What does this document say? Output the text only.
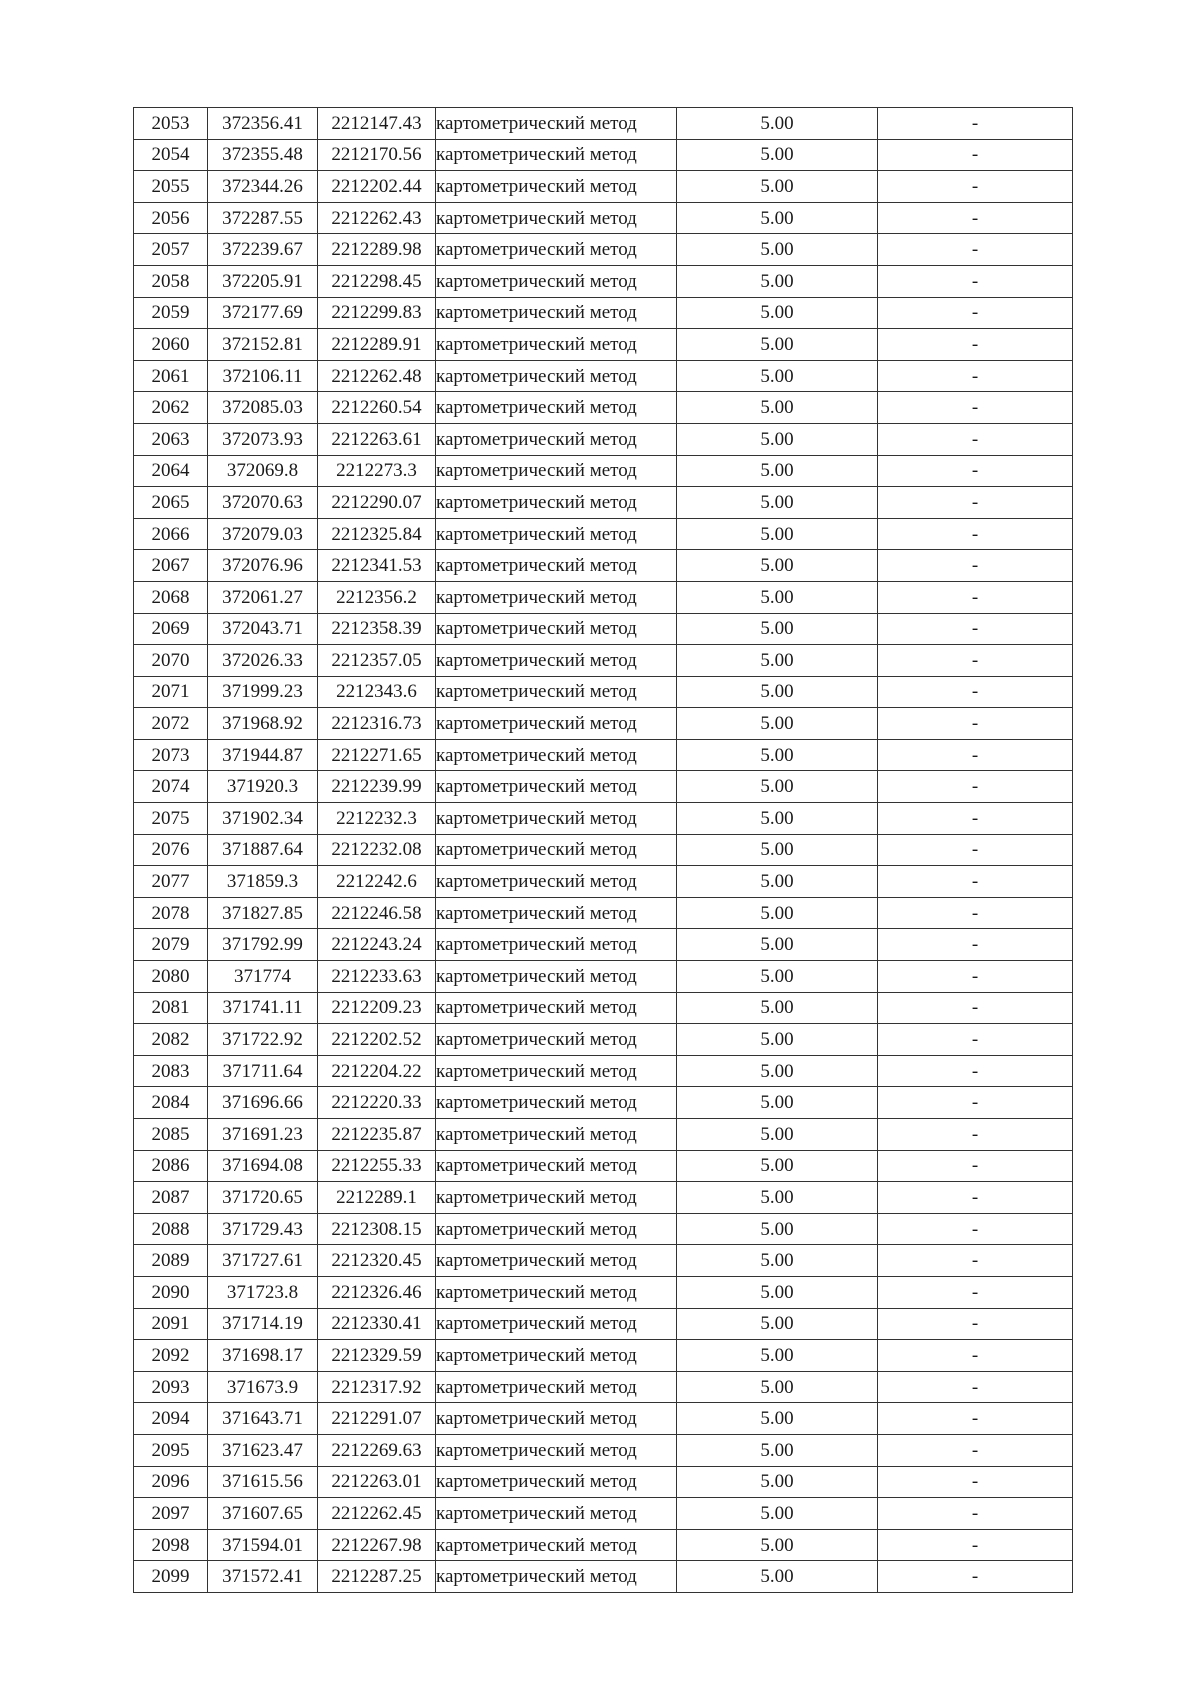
2053	372356.41	2212147.43	картометрический метод	5.00	-
2054	372355.48	2212170.56	картометрический метод	5.00	-
2055	372344.26	2212202.44	картометрический метод	5.00	-
2056	372287.55	2212262.43	картометрический метод	5.00	-
2057	372239.67	2212289.98	картометрический метод	5.00	-
2058	372205.91	2212298.45	картометрический метод	5.00	-
2059	372177.69	2212299.83	картометрический метод	5.00	-
2060	372152.81	2212289.91	картометрический метод	5.00	-
2061	372106.11	2212262.48	картометрический метод	5.00	-
2062	372085.03	2212260.54	картометрический метод	5.00	-
2063	372073.93	2212263.61	картометрический метод	5.00	-
2064	372069.8	2212273.3	картометрический метод	5.00	-
2065	372070.63	2212290.07	картометрический метод	5.00	-
2066	372079.03	2212325.84	картометрический метод	5.00	-
2067	372076.96	2212341.53	картометрический метод	5.00	-
2068	372061.27	2212356.2	картометрический метод	5.00	-
2069	372043.71	2212358.39	картометрический метод	5.00	-
2070	372026.33	2212357.05	картометрический метод	5.00	-
2071	371999.23	2212343.6	картометрический метод	5.00	-
2072	371968.92	2212316.73	картометрический метод	5.00	-
2073	371944.87	2212271.65	картометрический метод	5.00	-
2074	371920.3	2212239.99	картометрический метод	5.00	-
2075	371902.34	2212232.3	картометрический метод	5.00	-
2076	371887.64	2212232.08	картометрический метод	5.00	-
2077	371859.3	2212242.6	картометрический метод	5.00	-
2078	371827.85	2212246.58	картометрический метод	5.00	-
2079	371792.99	2212243.24	картометрический метод	5.00	-
2080	371774	2212233.63	картометрический метод	5.00	-
2081	371741.11	2212209.23	картометрический метод	5.00	-
2082	371722.92	2212202.52	картометрический метод	5.00	-
2083	371711.64	2212204.22	картометрический метод	5.00	-
2084	371696.66	2212220.33	картометрический метод	5.00	-
2085	371691.23	2212235.87	картометрический метод	5.00	-
2086	371694.08	2212255.33	картометрический метод	5.00	-
2087	371720.65	2212289.1	картометрический метод	5.00	-
2088	371729.43	2212308.15	картометрический метод	5.00	-
2089	371727.61	2212320.45	картометрический метод	5.00	-
2090	371723.8	2212326.46	картометрический метод	5.00	-
2091	371714.19	2212330.41	картометрический метод	5.00	-
2092	371698.17	2212329.59	картометрический метод	5.00	-
2093	371673.9	2212317.92	картометрический метод	5.00	-
2094	371643.71	2212291.07	картометрический метод	5.00	-
2095	371623.47	2212269.63	картометрический метод	5.00	-
2096	371615.56	2212263.01	картометрический метод	5.00	-
2097	371607.65	2212262.45	картометрический метод	5.00	-
2098	371594.01	2212267.98	картометрический метод	5.00	-
2099	371572.41	2212287.25	картометрический метод	5.00	-
